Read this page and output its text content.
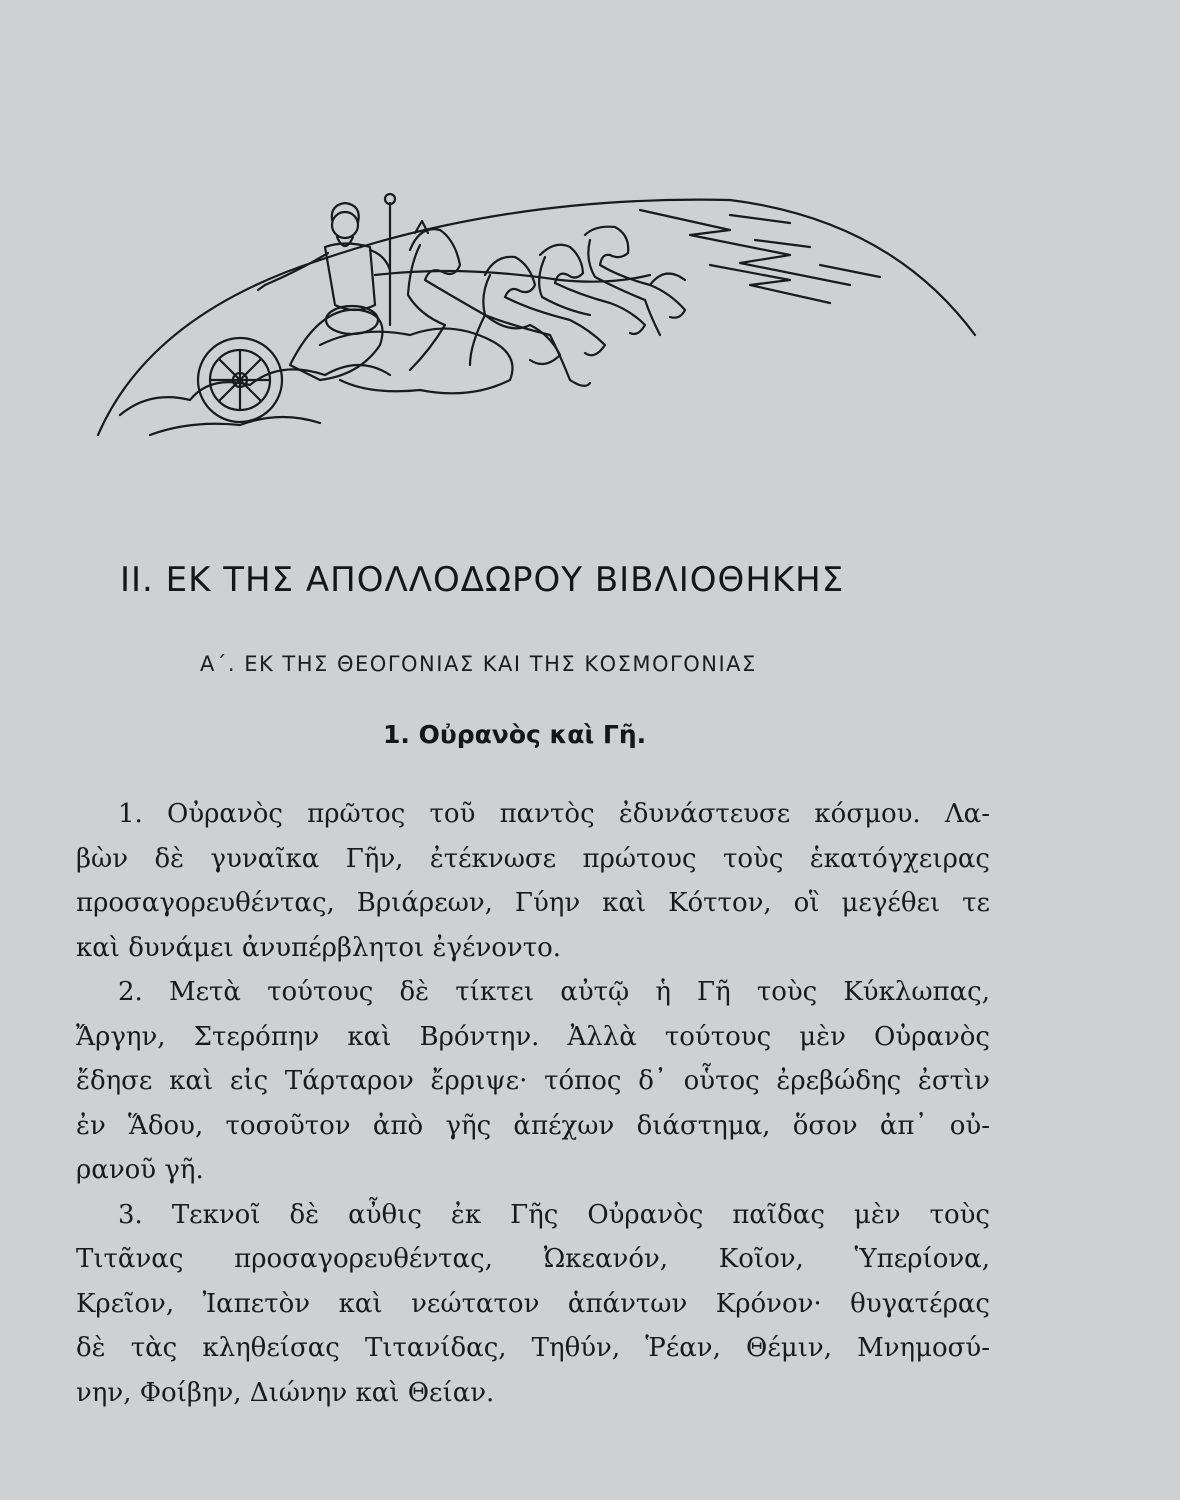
II. ΕΚ ΤΗΣ ΑΠΟΛΛΟΔΩΡΟΥ ΒΙΒΛΙΟΘΗΚΗΣ
Α΄. ΕΚ ΤΗΣ ΘΕΟΓΟΝΙΑΣ ΚΑΙ ΤΗΣ ΚΟΣΜΟΓΟΝΙΑΣ
1. Οὐρανὸς καὶ Γῆ.
1. Οὐρανὸς πρῶτος τοῦ παντὸς ἐδυνάστευσε κόσμου. Λα-
βὼν δὲ γυναῖκα Γῆν, ἐτέκνωσε πρώτους τοὺς ἑκατόγχειρας
προσαγορευθέντας, Βριάρεων, Γύην καὶ Κόττον, οἳ μεγέθει τε
καὶ δυνάμει ἀνυπέρβλητοι ἐγένοντο.
2. Μετὰ τούτους δὲ τίκτει αὐτῷ ἡ Γῆ τοὺς Κύκλωπας,
Ἄργην, Στερόπην καὶ Βρόντην. Ἀλλὰ τούτους μὲν Οὐρανὸς
ἔδησε καὶ εἰς Τάρταρον ἔρριψε· τόπος δ᾽ οὗτος ἐρεβώδης ἐστὶν
ἐν Ἅδου, τοσοῦτον ἀπὸ γῆς ἀπέχων διάστημα, ὅσον ἀπ᾽ οὐ-
ρανοῦ γῆ.
3. Τεκνοῖ δὲ αὖθις ἐκ Γῆς Οὐρανὸς παῖδας μὲν τοὺς
Τιτᾶνας προσαγορευθέντας, Ὠκεανόν, Κοῖον, Ὑπερίονα,
Κρεῖον, Ἰαπετὸν καὶ νεώτατον ἁπάντων Κρόνον· θυγατέρας
δὲ τὰς κληθείσας Τιτανίδας, Τηθύν, Ῥέαν, Θέμιν, Μνημοσύ-
νην, Φοίβην, Διώνην καὶ Θείαν.
